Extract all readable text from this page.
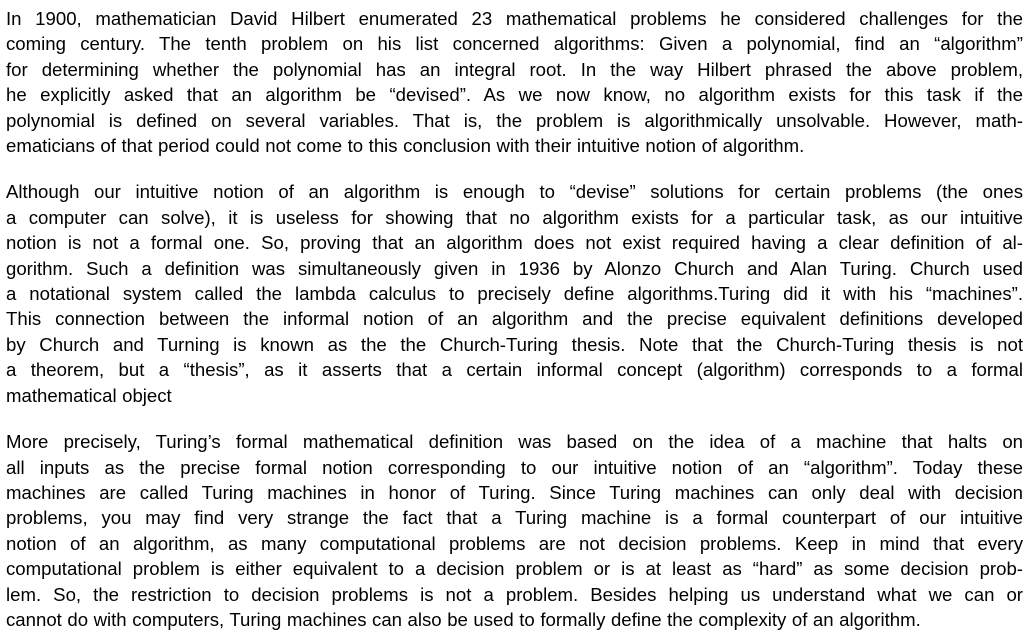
In 1900, mathematician David Hilbert enumerated 23 mathematical problems he considered challenges for the
coming century. The tenth problem on his list concerned algorithms: Given a polynomial, find an “algorithm”
for determining whether the polynomial has an integral root. In the way Hilbert phrased the above problem,
he explicitly asked that an algorithm be “devised”. As we now know, no algorithm exists for this task if the
polynomial is defined on several variables. That is, the problem is algorithmically unsolvable. However, math-
ematicians of that period could not come to this conclusion with their intuitive notion of algorithm.
Although our intuitive notion of an algorithm is enough to “devise” solutions for certain problems (the ones
a computer can solve), it is useless for showing that no algorithm exists for a particular task, as our intuitive
notion is not a formal one. So, proving that an algorithm does not exist required having a clear definition of al-
gorithm. Such a definition was simultaneously given in 1936 by Alonzo Church and Alan Turing. Church used
a notational system called the lambda calculus to precisely define algorithms.Turing did it with his “machines”.
This connection between the informal notion of an algorithm and the precise equivalent definitions developed
by Church and Turning is known as the the Church-Turing thesis. Note that the Church-Turing thesis is not
a theorem, but a “thesis”, as it asserts that a certain informal concept (algorithm) corresponds to a formal
mathematical object
More precisely, Turing’s formal mathematical definition was based on the idea of a machine that halts on
all inputs as the precise formal notion corresponding to our intuitive notion of an “algorithm”. Today these
machines are called Turing machines in honor of Turing. Since Turing machines can only deal with decision
problems, you may find very strange the fact that a Turing machine is a formal counterpart of our intuitive
notion of an algorithm, as many computational problems are not decision problems. Keep in mind that every
computational problem is either equivalent to a decision problem or is at least as “hard” as some decision prob-
lem. So, the restriction to decision problems is not a problem. Besides helping us understand what we can or
cannot do with computers, Turing machines can also be used to formally define the complexity of an algorithm.
